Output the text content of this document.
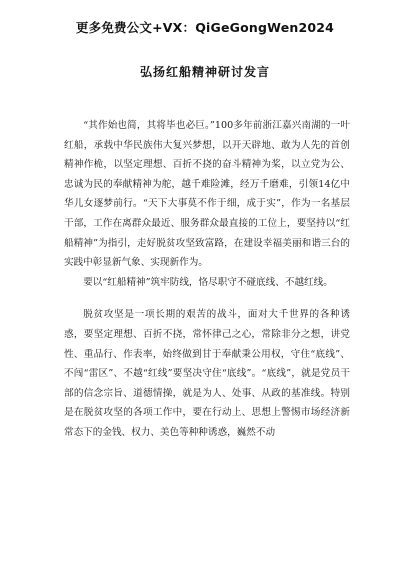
更多免费公文+VX：QiGeGongWen2024
弘扬红船精神研讨发言

“其作始也简，其将毕也必巨。”100多年前浙江嘉兴南湖的一叶红船，承载中华民族伟大复兴梦想，以开天辟地、敢为人先的首创精神作桅，以坚定理想、百折不挠的奋斗精神为桨，以立党为公、忠诚为民的奉献精神为舵，越千难险滩，经万千磨难，引领14亿中华儿女逐梦前行。“天下大事莫不作于细，成于实”，作为一名基层干部，工作在离群众最近、服务群众最直接的工位上，要坚持以“红船精神”为指引，走好脱贫攻坚致富路，在建设幸福美丽和谐三台的实践中彰显新气象、实现新作为。

要以“红船精神”筑牢防线，恪尽职守不碰底线、不越红线。

脱贫攻坚是一项长期的艰苦的战斗，面对大千世界的各种诱惑，要坚定理想、百折不挠，常怀律己之心，常除非分之想，讲党性、重品行、作表率，始终做到甘于奉献秉公用权，守住“底线”、不闯“雷区”、不越“红线”要坚决守住“底线”。“底线”，就是党员干部的信念宗旨、道德情操，就是为人、处事、从政的基准线。特别是在脱贫攻坚的各项工作中，要在行动上、思想上警惕市场经济新常态下的金钱、权力、美色等种种诱惑，巍然不动
